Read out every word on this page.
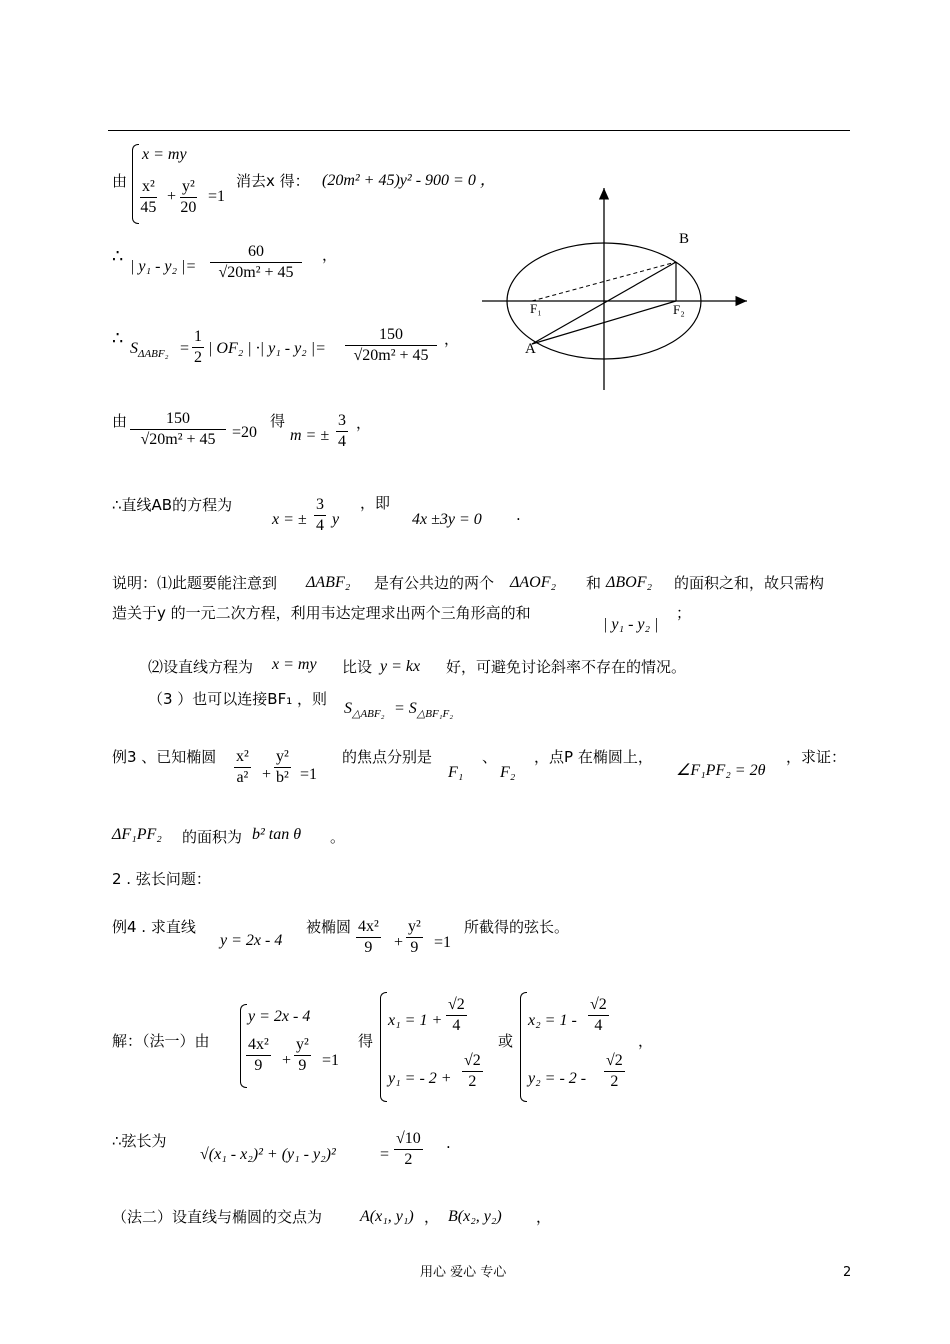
由
x = my
$\frac{\text{x²}}{45} + \frac{\text{y²}}{20} =1$
消去x 得： (20m² + 45)y² - 900 = 0 ，
∴ | y₁ - y₂ |= $\frac{60}{\text{√20m² + 45}}$ ，
∴ $S_{\Delta ABF_2} = \frac{1}{2}$ | OF₂ | ·| y₁ - y₂ |= $\frac{150}{\text{√20m² + 45}}$ ，
由 $\frac{150}{\text{√20m² + 45}} =20$
得
m = ± $\frac{3}{4}$ ，
∴直线AB的方程为
x = ± $\frac{3}{4}$ y
，即
4x ±3y = 0 .
说明：⑴此题要能注意到 ΔABF₂ 是有公共边的两个 ΔAOF₂ 和 ΔBOF₂ 的面积之和，故只需构
造关于y 的一元二次方程，利用韦达定理求出两个三角形高的和
| y₁ - y₂ |
；
⑵设直线方程为 x = my 比设 y = kx 好，可避免讨论斜率不存在的情况。
（3 ）也可以连接BF₁ ，则
$S_{\triangle ABF_2} = S_{\triangle BF_1F_2}$
例3 、已知椭圆 $\frac{\text{x²}}{\text{a²}} + \frac{\text{y²}}{\text{b²}} =1$
的焦点分别是
F₁
、
F₂
，点P 在椭圆上，
∠F₁PF₂ = 2θ
，求证：
ΔF₁PF₂ 的面积为 b² tan θ 。
2 . 弦长问题：
例4 . 求直线
y = 2x - 4
被椭圆 $\frac{\text{4x²}}{9} + \frac{\text{y²}}{9} =1$
所截得的弦长。
解：（法一）由
y = 2x - 4
$\frac{\text{4x²}}{9} + \frac{\text{y²}}{9} =1$
得
$x_1 = 1 + \frac{√2}{4}$
y₁ = - $2 + \frac{√2}{2}$
或
$x_2 = 1 - \frac{√2}{4}$
y₂ = - $2 - \frac{√2}{2}$
，
∴弦长为
√(x₁ - x₂)² + (y₁ - y₂)²	= $\frac{√10}{2}$ .
（法二）设直线与椭圆的交点为 A(x₁, y₁) ， B(x₂, y₂) ，
B
A
F₁	F₂
用心 爱心 专心	2
